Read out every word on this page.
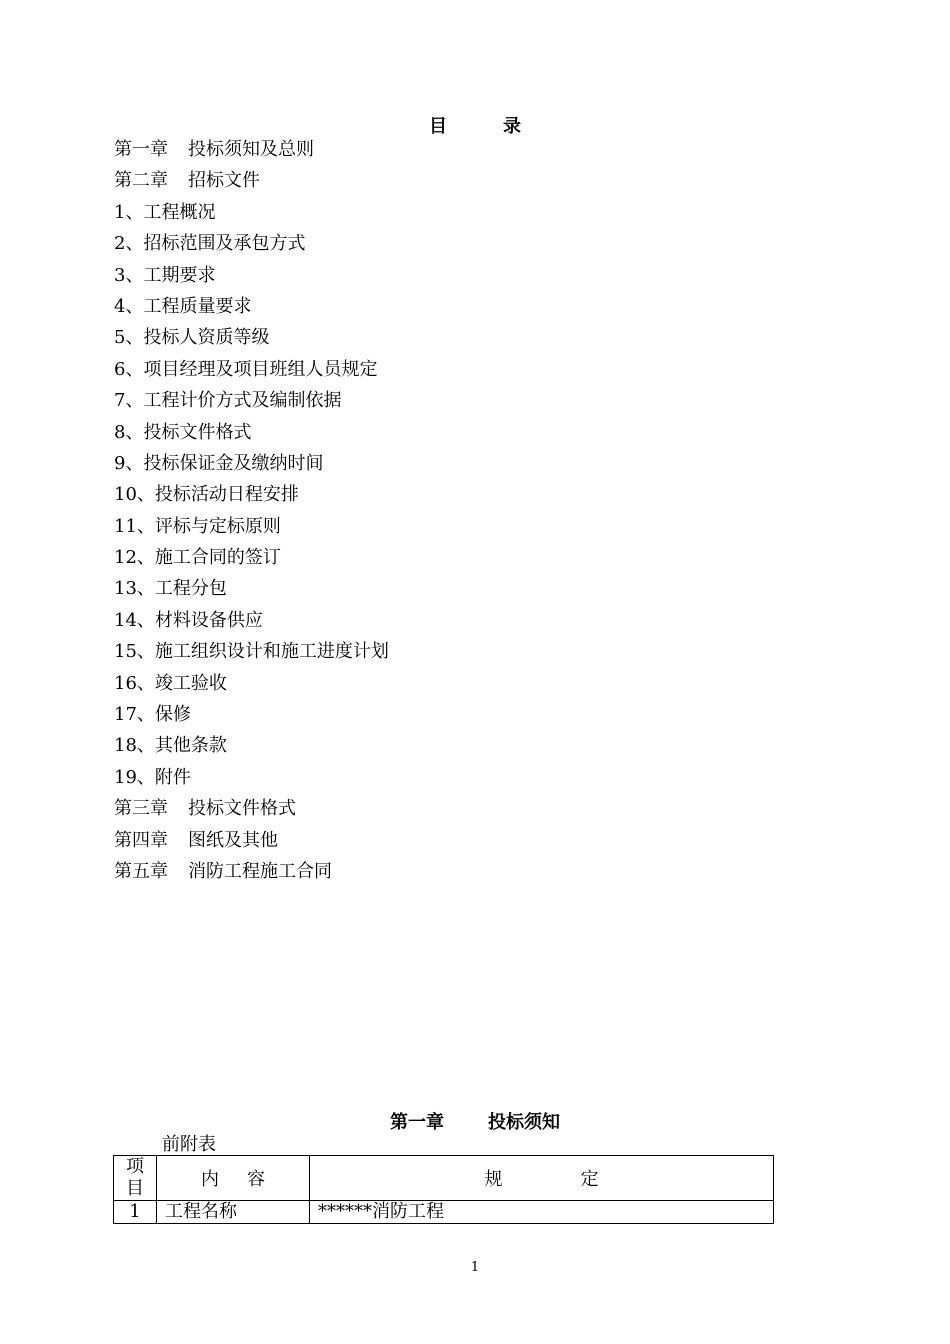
目	录
第一章 投标须知及总则
第二章 招标文件
1、工程概况
2、招标范围及承包方式
3、工期要求
4、工程质量要求
5、投标人资质等级
6、项目经理及项目班组人员规定
7、工程计价方式及编制依据
8、投标文件格式
9、投标保证金及缴纳时间
10、投标活动日程安排
11、评标与定标原则
12、施工合同的签订
13、工程分包
14、材料设备供应
15、施工组织设计和施工进度计划
16、竣工验收
17、保修
18、其他条款
19、附件
第三章 投标文件格式
第四章 图纸及其他
第五章 消防工程施工合同
第一章 投标须知
前附表
项
目	内 容	规 定
1	工程名称	******消防工程
1
